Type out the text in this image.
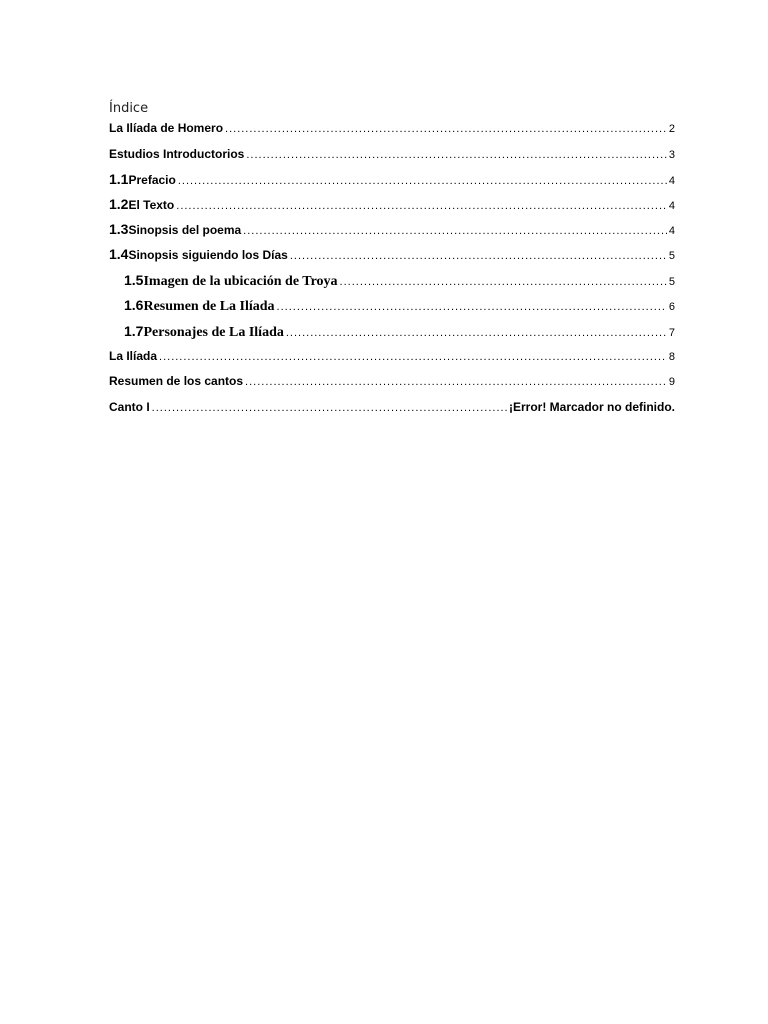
Índice
La Ilíada de Homero .....	2
Estudios Introductorios .....	3
1.1 Prefacio .....	4
1.2 El Texto .....	4
1.3 Sinopsis del poema .....	4
1.4 Sinopsis siguiendo los Días .....	5
1.5 Imagen de la ubicación de Troya .....	5
1.6 Resumen de La Ilíada .....	6
1.7 Personajes de La Ilíada .....	7
La Ilíada .....	8
Resumen de los cantos .....	9
Canto I .....	¡Error! Marcador no definido.
